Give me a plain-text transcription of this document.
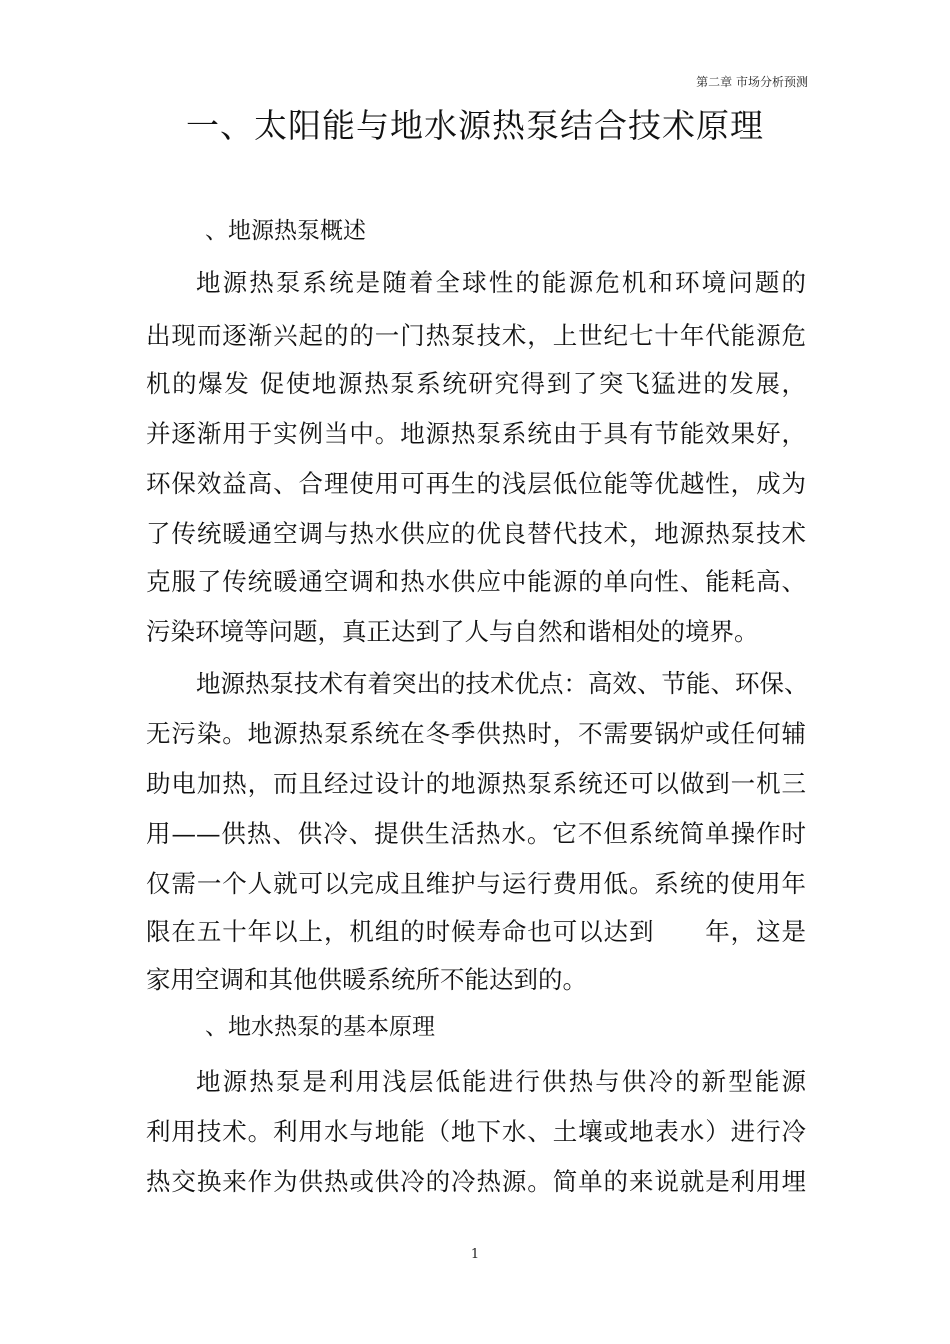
第二章 市场分析预测
一、太阳能与地水源热泵结合技术原理
、地源热泵概述
地源热泵系统是随着全球性的能源危机和环境问题的
出现而逐渐兴起的的一门热泵技术，上世纪七十年代能源危
机的爆发 促使地源热泵系统研究得到了突飞猛进的发展，
并逐渐用于实例当中。地源热泵系统由于具有节能效果好，
环保效益高、合理使用可再生的浅层低位能等优越性，成为
了传统暖通空调与热水供应的优良替代技术，地源热泵技术
克服了传统暖通空调和热水供应中能源的单向性、能耗高、
污染环境等问题，真正达到了人与自然和谐相处的境界。
地源热泵技术有着突出的技术优点：高效、节能、环保、
无污染。地源热泵系统在冬季供热时，不需要锅炉或任何辅
助电加热，而且经过设计的地源热泵系统还可以做到一机三
用——供热、供冷、提供生活热水。它不但系统简单操作时
仅需一个人就可以完成且维护与运行费用低。系统的使用年
限在五十年以上，机组的时候寿命也可以达到　　年，这是
家用空调和其他供暖系统所不能达到的。
、地水热泵的基本原理
地源热泵是利用浅层低能进行供热与供冷的新型能源
利用技术。利用水与地能（地下水、土壤或地表水）进行冷
热交换来作为供热或供冷的冷热源。简单的来说就是利用埋
1
